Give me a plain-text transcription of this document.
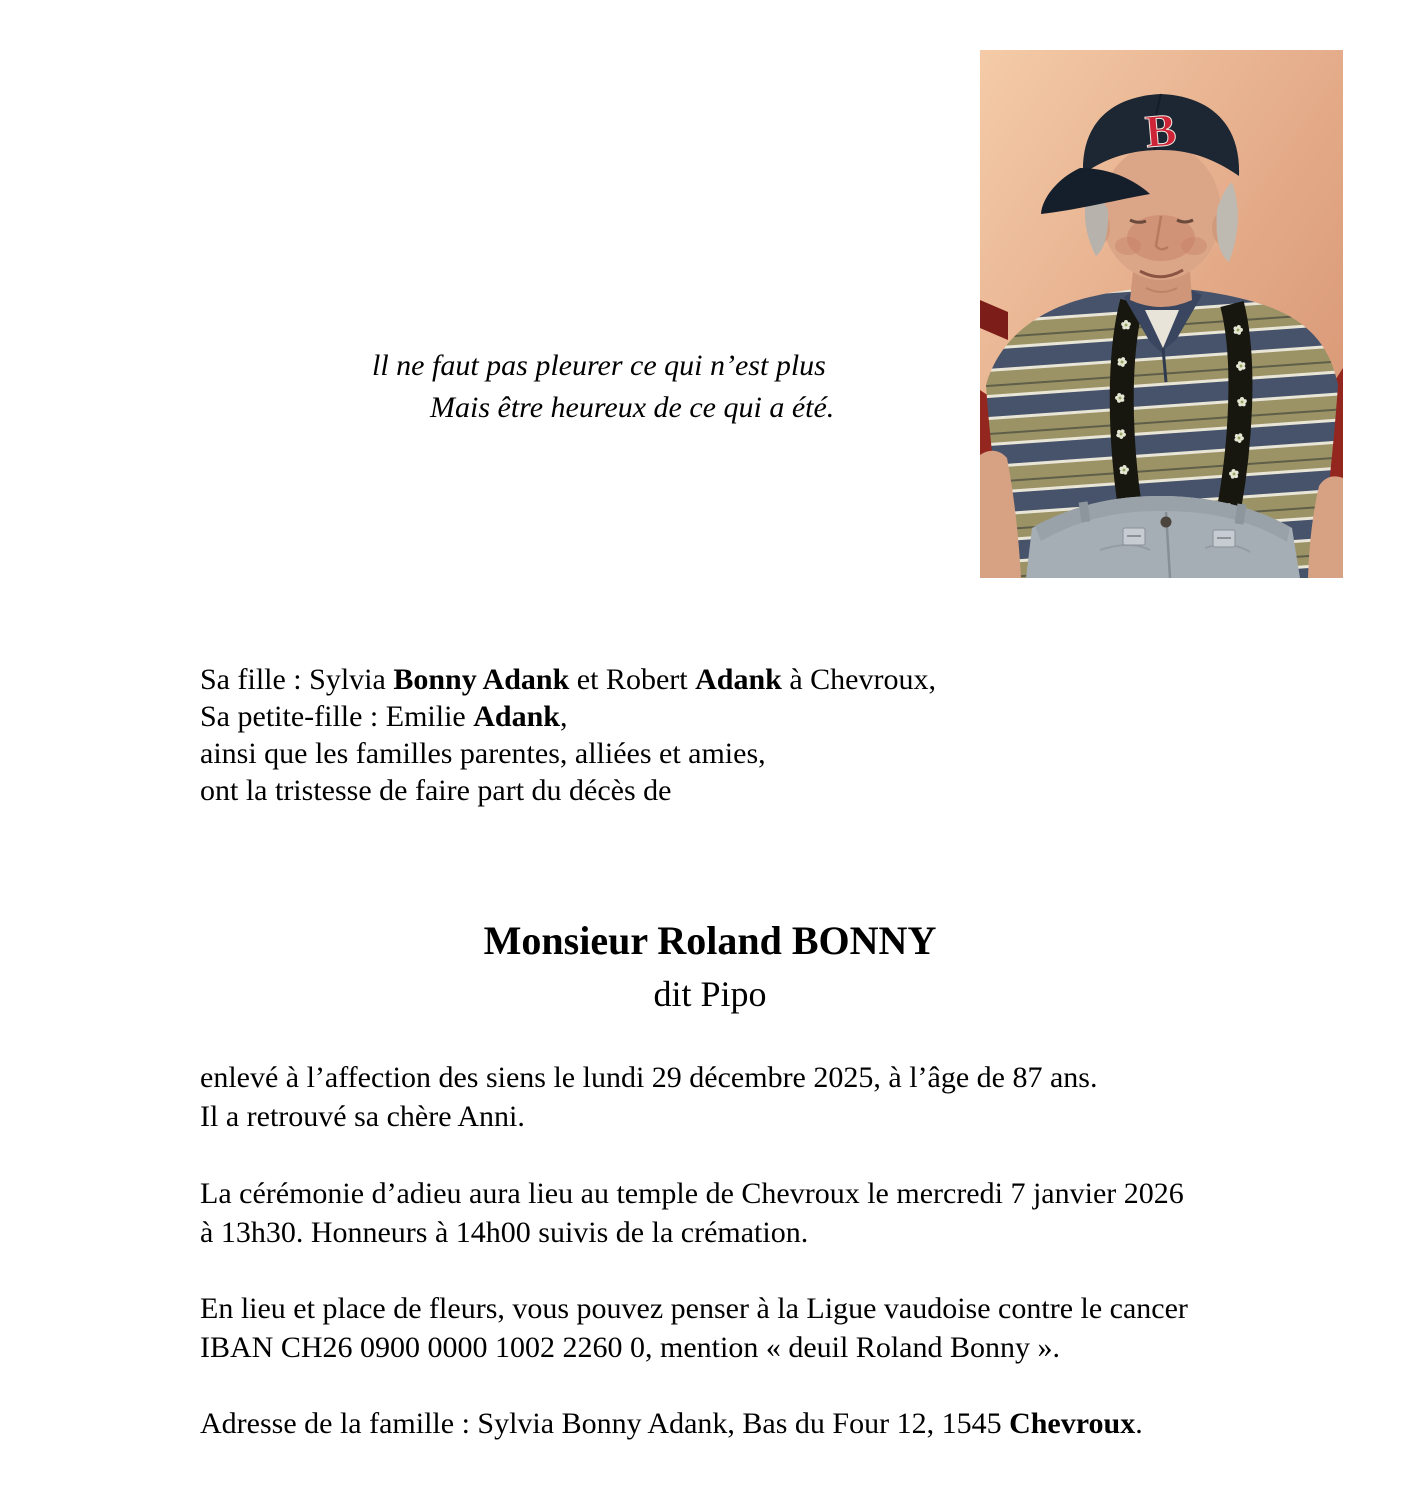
B
ll ne faut pas pleurer ce qui n’est plus
Mais être heureux de ce qui a été.
Sa fille : Sylvia Bonny Adank et Robert Adank à Chevroux,
Sa petite-fille : Emilie Adank,
ainsi que les familles parentes, alliées et amies,
ont la tristesse de faire part du décès de
Monsieur Roland BONNY
dit Pipo
enlevé à l’affection des siens le lundi 29 décembre 2025, à l’âge de 87 ans.
Il a retrouvé sa chère Anni.
La cérémonie d’adieu aura lieu au temple de Chevroux le mercredi 7 janvier 2026
à 13h30. Honneurs à 14h00 suivis de la crémation.
En lieu et place de fleurs, vous pouvez penser à la Ligue vaudoise contre le cancer
IBAN CH26 0900 0000 1002 2260 0, mention « deuil Roland Bonny ».
Adresse de la famille : Sylvia Bonny Adank, Bas du Four 12, 1545 Chevroux.
